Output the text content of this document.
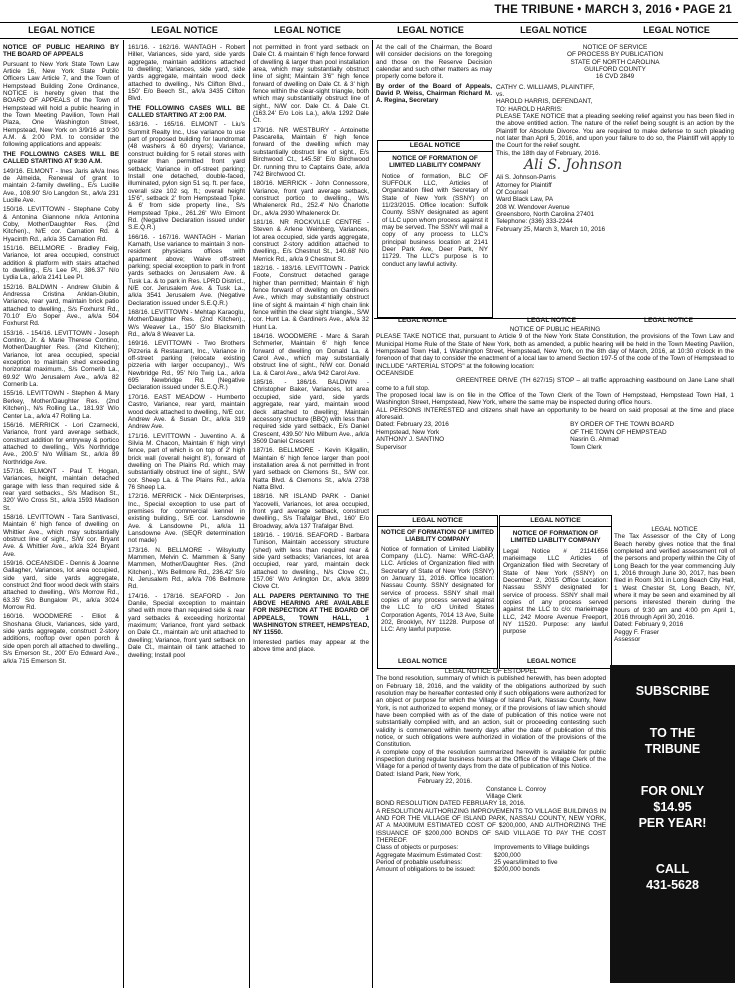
THE TRIBUNE • MARCH 3, 2016 • PAGE 21
LEGAL NOTICE	LEGAL NOTICE	LEGAL NOTICE	LEGAL NOTICE	LEGAL NOTICE	LEGAL NOTICE

NOTICE OF PUBLIC HEARING BY THE BOARD OF APPEALS

Pursuant to New York State Town Law Article 16, New York State Public Officers Law Article 7, and the Town of Hempstead Building Zone Ordinance, NOTICE is hereby given that the BOARD OF APPEALS of the Town of Hempstead will hold a public hearing in the Town Meeting Pavilion, Town Hall Plaza, One Washington Street, Hempstead, New York on 3/9/16 at 9:30 A.M. & 2:00 P.M. to consider the following applications and appeals:

THE FOLLOWING CASES WILL BE CALLED STARTING AT 9:30 A.M.

149/16. ELMONT - Ines Jaris a/k/a Ines de Almeida, Renewal of grant to maintain 2-family dwelling., E/s Lucille Ave., 108.90' S/o Langdon St., a/k/a 231 Lucille Ave.

150/16. LEVITTOWN - Stephane Coby & Antonina Giannone n/k/a Antonina Coby, Mother/Daughter Res. (2nd Kitchen)., N/E cor. Carnation Rd. & Hyacinth Rd., a/k/a 35 Carnation Rd.

151/16. BELLMORE - Bradley Feig, Variance, lot area occupied, construct addition & platform with stairs attached to dwelling., E/s Lee Pl., 386.37' N/o Lydia La., a/k/a 2141 Lee Pl.

152/16. BALDWIN - Andrew Glubin & Andressa Cristina Anklan-Glubin, Variance, rear yard, maintain brick patio attached to dwelling., S/s Foxhurst Rd., 70.10' E/o Soper Ave., a/k/a 504 Foxhurst Rd.

153/16. - 154/16. LEVITTOWN - Joseph Contino, Jr. & Marie Therese Contino, Mother/Daughter Res. (2nd Kitchen); Variance, lot area occupied, special exception to maintain shed exceeding horizontal maximum., S/s Cornerib La., 69.92' W/o Jerusalem Ave., a/k/a 82 Cornerib La.

155/16. LEVITTOWN - Stephen & Mary Berkey, Mother/Daughter Res. (2nd Kitchen)., N/s Rolling La., 181.93' W/o Center La., a/k/a 47 Rolling La.

156/16. MERRICK - Lori Czarnecki, Variance, front yard average setback, construct addition for entryway & portico attached to dwelling., W/s Northridge Ave., 200.5' N/o William St., a/k/a 89 Northridge Ave.

157/16. ELMONT - Paul T. Hogan, Variances, height, maintain detached garage with less than required side & rear yard setbacks., S/s Madison St., 320' W/o Cross St., a/k/a 1593 Madison St.

158/16. LEVITTOWN - Tara Santivasci, Maintain 6' high fence of dwelling on Whittier Ave., which may substantially obstruct line of sight., S/W cor. Bryant Ave. & Whittier Ave., a/k/a 324 Bryant Ave.

159/16. OCEANSIDE - Dennis & Joanne Gallagher, Variances, lot area occupied, side yard, side yards aggregate, construct 2nd floor wood deck with stairs attached to dwelling., W/s Morrow Rd., 63.35' S/o Bungalow Pl., a/k/a 3024 Morrow Rd.

160/16. WOODMERE - Elliot & Shoshana Gluck, Variances, side yard, side yards aggregate, construct 2-story additions, rooftop over open porch & side open porch all attached to dwelling., S/s Emerson St., 200' E/o Edward Ave., a/k/a 715 Emerson St.

161/16. - 162/16. WANTAGH - Robert Hiller, Variances, side yard, side yards aggregate, maintain additions attached to dwelling; Variances, side yard, side yards aggregate, maintain wood deck attached to dwelling., N/s Clifton Blvd., 150' E/o Beech St., a/k/a 3435 Clifton Blvd.

THE FOLLOWING CASES WILL BE CALLED STARTING AT 2:00 P.M.

163/16. - 165/16. ELMONT - Liu's Summit Realty Inc., Use variance to use part of proposed building for laundromat (48 washers & 60 dryers); Variance, construct building for 5 retail stores with greater than permitted front yard setback; Variance in off-street parking; Install one detached, double-faced, illuminated, pylon sign 51 sq. ft. per face, overall size 102 sq. ft.; overall height 15'6", setback 2' from Hempstead Tpke. & 6' from side property line., S/s Hempstead Tpke., 261.26' W/o Elmont Rd. (Negative Declaration issued under S.E.Q.R.)

166/16. - 167/16. WANTAGH - Marian Kamath, Use variance to maintain 3 non-resident physicians offices with apartment above; Waive off-street parking; special exception to park in front yards setbacks on Jerusalem Ave. & Tusk La. & to park in Res. LPRD District., N/E cor. Jerusalem Ave. & Tusk La., a/k/a 3541 Jerusalem Ave. (Negative Declaration issued under S.E.Q.R.)

168/16. LEVITTOWN - Mehtap Karaoglu, Mother/Daughter Res. (2nd Kitchen)., W/s Weaver La., 150' S/o Blacksmith Rd., a/k/a 8 Weaver La.

169/16. LEVITTOWN - Two Brothers Pizzeria & Restaurant, Inc., Variance in off-street parking (relocate existing pizzeria with larger occupancy)., W/s Newbridge Rd., 95' N/o Twig La., a/k/a 695 Newbridge Rd. (Negative Declaration issued under S.E.Q.R.)

170/16. EAST MEADOW - Humberto Castro, Variance, rear yard, maintain wood deck attached to dwelling., N/E cor. Andrew Ave. & Susan Dr., a/k/a 319 Andrew Ave.

171/16. LEVITTOWN - Juventino A. & Silvia M. Chacon, Maintain 6' high vinyl fence, part of which is on top of 2' high brick wall (overall height 8'), forward of dwelling on The Plains Rd. which may substantially obstruct line of sight., S/W cor. Sheep La. & The Plains Rd., a/k/a 76 Sheep La.

172/16. MERRICK - Nick DiEnterprises, Inc., Special exception to use part of premises for commercial kennel in existing building., S/E cor. Lansdowne Ave. & Lansdowne Pl., a/k/a 11 Lansdowne Ave. (SEQR determination not made)

173/16. N. BELLMORE - Wilsykutty Mammen, Melvin C. Mammen & Sany Mammen, Mother/Daughter Res. (2nd Kitchen)., W/s Bellmore Rd., 236.42' S/o N. Jerusalem Rd., a/k/a 706 Bellmore Rd.

174/16. - 178/16. SEAFORD - Jon Danile, Special exception to maintain shed with more than required side & rear yard setbacks & exceeding horizontal maximum; Variance, front yard setback on Dale Ct., maintain a/c unit attached to dwelling; Variance, front yard setback on Dale Ct., maintain oil tank attached to dwelling; Install pool

not permitted in front yard setback on Dale Ct. & maintain 6' high fence forward of dwelling & larger than pool installation area, which may substantially obstruct line of sight; Maintain 3'6" high fence forward of dwelling on Dale Ct. & 3' high fence within the clear-sight triangle, both which may substantially obstruct line of sight., N/W cor. Dale Ct. & Dale Ct. (163.24' E/o Lois La.), a/k/a 1292 Dale Ct.

179/16. NR WESTBURY - Antoinette Pascarella, Maintain 6' high fence forward of the dwelling which may substantially obstruct line of sight., E/s Birchwood Ct., 145.58' E/o Birchwood Dr. running thru to Captains Gate, a/k/a 742 Birchwood Ct.

180/16. MERRICK - John Connessore, Variance, front yard average setback, construct portico to dwelling., W/s Whalenerck Rd., 252.4' N/o Charlotte Dr., a/k/a 2930 Whalenerck Dr.

181/16. NR ROCKVILLE CENTRE - Steven & Arlene Weinberg, Variances, lot area occupied, side yards aggregate, construct 2-story addition attached to dwelling., E/s Chestnut St., 140.68' N/o Merrick Rd., a/k/a 9 Chestnut St.

182/16. - 183/16. LEVITTOWN - Patrick Foote, Construct detached garage higher than permitted; Maintain 6' high fence forward of dwelling on Gardiners Ave., which may substantially obstruct line of sight & maintain 4' high chain link fence within the clear sight triangle., S/W cor. Hunt La. & Gardiners Ave., a/k/a 32 Hunt La.

184/16. WOODMERE - Marc & Sarah Schmerler, Maintain 6' high fence forward of dwelling on Donald La. & Carol Ave., which may substantially obstruct line of sight., N/W cor. Donald La. & Carol Ave., a/k/a 942 Carol Ave.

185/16. - 186/16. BALDWIN - Christopher Baker, Variances, lot area occupied, side yard, side yards aggregate, rear yard, maintain wood deck attached to dwelling; Maintain accessory structure (BBQ) with less than required side yard setback., E/s Daniel Crescent, 439.50' N/o Milburn Ave., a/k/a 3509 Daniel Crescent

187/16. BELLMORE - Kevin Kilgallin, Maintain 6' high fence larger than pool installation area & not permitted in front yard setback on Clemons St., S/W cor. Natta Blvd. & Clemons St., a/k/a 2738 Natta Blvd.

188/16. NR ISLAND PARK - Daniel Yacovelli, Variances, lot area occupied, front yard average setback, construct dwelling., S/s Trafalgar Blvd., 160' E/o Broadway, a/k/a 137 Trafalgar Blvd.

189/16. - 190/16. SEAFORD - Barbara Tunison, Maintain accessory structure (shed) with less than required rear & side yard setbacks; Variances, lot area occupied, rear yard, maintain deck attached to dwelling., N/s Clove Ct., 157.06' W/o Arlington Dr., a/k/a 3899 Clove Ct.

ALL PAPERS PERTAINING TO THE ABOVE HEARING ARE AVAILABLE FOR INSPECTION AT THE BOARD OF APPEALS, TOWN HALL, 1 WASHINGTON STREET, HEMPSTEAD, NY 11550.

Interested parties may appear at the above time and place.

At the call of the Chairman, the Board will consider decisions on the foregoing and those on the Reserve Decision calendar and such other matters as may properly come before it.

By order of the Board of Appeals, David P. Weiss, Chairman Richard M. A. Regina, Secretary

LEGAL NOTICE
NOTICE OF FORMATION OF LIMITED LIABILITY COMPANY
Notice of formation, BLC OF SUFFOLK LLC, Articles of Organization filed with Secretary of State of New York (SSNY) on 11/23/2015. Office location: Suffolk County. SSNY designated as agent of LLC upon whom process against it may be served. The SSNY will mail a copy of any process to LLC's principal business location at 2141 Deer Park Ave, Deer Park, NY 11729. The LLC's purpose is to conduct any lawful activity.
NOTICE OF SERVICE
OF PROCESS BY PUBLICATION
STATE OF NORTH CAROLINA
GUILFORD COUNTY
16 CVD 2849
CATHY C. WILLIAMS, PLAINTIFF,
vs.
HAROLD HARRIS, DEFENDANT,
TO: HAROLD HARRIS:
PLEASE TAKE NOTICE that a pleading seeking relief against you has been filed in the above entitled action. The nature of the relief being sought is an action by the Plaintiff for Absolute Divorce. You are required to make defense to such pleading not later than April 5, 2016, and upon your failure to do so, the Plaintiff will apply to the Court for the relief sought.
This, the 18th day of February, 2016.
Ali S. Johnson
Ali S. Johnson-Parris
Attorney for Plaintiff
Of Counsel
Ward Black Law, PA
208 W. Wendover Avenue
Greensboro, North Carolina 27401
Telephone: (336) 333-2244
February 25, March 3, March 10, 2016
LEGAL NOTICE	LEGAL NOTICE	LEGAL NOTICE
NOTICE OF PUBLIC HEARING
PLEASE TAKE NOTICE that, pursuant to Article 9 of the New York State Constitution, the provisions of the Town Law and Municipal Home Rule of the State of New York, both as amended, a public hearing will be held in the Town Meeting Pavilion, Hempstead Town Hall, 1 Washington Street, Hempstead, New York, on the 8th day of March, 2016, at 10:30 o'clock in the forenoon of that day to consider the enactment of a local law to amend Section 197-5 of the code of the Town of Hempstead to INCLUDE "ARTERIAL STOPS" at the following location:
OCEANSIDE
GREENTREE DRIVE (TH 627/15) STOP – all traffic approaching eastbound on Jane Lane shall come to a full stop.
The proposed local law is on file in the Office of the Town Clerk of the Town of Hempstead, Hempstead Town Hall, 1 Washington Street, Hempstead, New York, where the same may be inspected during office hours.
ALL PERSONS INTERESTED and citizens shall have an opportunity to be heard on said proposal at the time and place aforesaid.
Dated: February 23, 2016
Hempstead, New York
ANTHONY J. SANTINO
Supervisor
BY ORDER OF THE TOWN BOARD
OF THE TOWN OF HEMPSTEAD
Nasrin G. Ahmad
Town Clerk
LEGAL NOTICE
NOTICE OF FORMATION OF LIMITED LIABILITY COMPANY
Notice of formation of Limited Liability Company (LLC). Name: WRC-GAP, LLC. Articles of Organization filed with Secretary of State of New York (SSNY) on January 11, 2016. Office location: Nassau County. SSNY designated for service of process. SSNY shall mail copies of any process served against the LLC to c/O United States Corporation Agents, 7014 13 Ave, Suite 202, Brooklyn, NY 11228. Purpose of LLC: Any lawful purpose.
LEGAL NOTICE
NOTICE OF FORMATION OF LIMITED LIABLITY COMPANY
Legal Notice # 21141656 marieimage LLC Articles of Organization filed with Secretary of State of New York (SSNY) on December 2, 2015 Office Location: Nassau SSNY designated for service of process. SSNY shall mail copies of any process served against the LLC to c/o: marieimage LLC, 242 Moore Avenue Freeport, NY 11520. Purpose: any lawful purpose
LEGAL NOTICE
The Tax Assessor of the City of Long Beach hereby gives notice that the final completed and verified assessment roll of the persons and property within the City of Long Beach for the year commencing July 1, 2016 through June 30, 2017, has been filed in Room 301 in Long Beach City Hall, 1 West Chester St, Long Beach, NY, where it may be seen and examined by all persons interested therein during the hours of 9:30 am and 4:00 pm April 1, 2016 through April 30, 2016.
Dated: February 9, 2016
Peggy F. Fraser
Assessor
LEGAL NOTICE	LEGAL NOTICE
LEGAL NOTICE OF ESTOPPEL
The bond resolution, summary of which is published herewith, has been adopted on February 18, 2016, and the validity of the obligations authorized by such resolution may be hereafter contested only if such obligations were authorized for an object or purpose for which the Village of Island Park, Nassau County, New York, is not authorized to expend money, or if the provisions of law which should have been complied with as of the date of publication of this notice were not substantially complied with, and an action, suit or proceeding contesting such validity is commenced within twenty days after the date of publication of this notice, or such obligations were authorized in violation of the provisions of the Constitution.
A complete copy of the resolution summarized herewith is available for public inspection during regular business hours at the Office of the Village Clerk of the Village for a period of twenty days from the date of publication of this Notice.
Dated: Island Park, New York,
February 22, 2016.
Constance L. Conroy
Village Clerk
BOND RESOLUTION DATED FEBRUARY 18, 2016.
A RESOLUTION AUTHORIZING IMPROVEMENTS TO VILLAGE BUILDINGS IN AND FOR THE VILLAGE OF ISLAND PARK, NASSAU COUNTY, NEW YORK, AT A MAXIMUM ESTIMATED COST OF $200,000, AND AUTHORIZING THE ISSUANCE OF $200,000 BONDS OF SAID VILLAGE TO PAY THE COST THEREOF.
Class of objects or purposes:	Improvements to Village buildings
Aggregate Maximum Estimated Cost:	$200,000
Period of probable usefulness:	25 years/limited to five
Amount of obligations to be issued:	$200,000 bonds
SUBSCRIBE
TO THE
TRIBUNE
FOR ONLY
$14.95
PER YEAR!
CALL
431-5628
